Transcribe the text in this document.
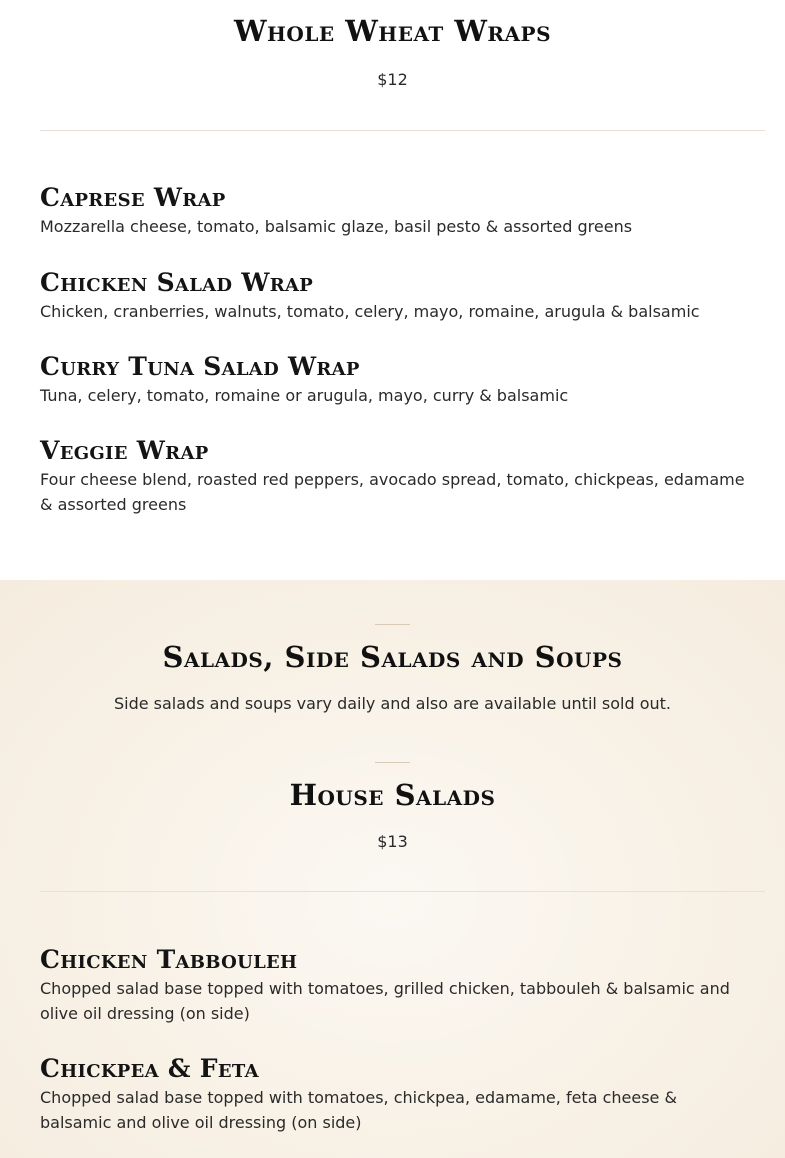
Whole Wheat Wraps

$12

Caprese Wrap

Mozzarella cheese, tomato, balsamic glaze, basil pesto & assorted greens

Chicken Salad Wrap

Chicken, cranberries, walnuts, tomato, celery, mayo, romaine, arugula & balsamic

Curry Tuna Salad Wrap

Tuna, celery, tomato, romaine or arugula, mayo, curry & balsamic

Veggie Wrap

Four cheese blend, roasted red peppers, avocado spread, tomato, chickpeas, edamame & assorted greens

Salads, Side Salads and Soups

Side salads and soups vary daily and also are available until sold out.

House Salads

$13

Chicken Tabbouleh

Chopped salad base topped with tomatoes, grilled chicken, tabbouleh & balsamic and olive oil dressing (on side)

Chickpea & Feta

Chopped salad base topped with tomatoes, chickpea, edamame, feta cheese & balsamic and olive oil dressing (on side)
